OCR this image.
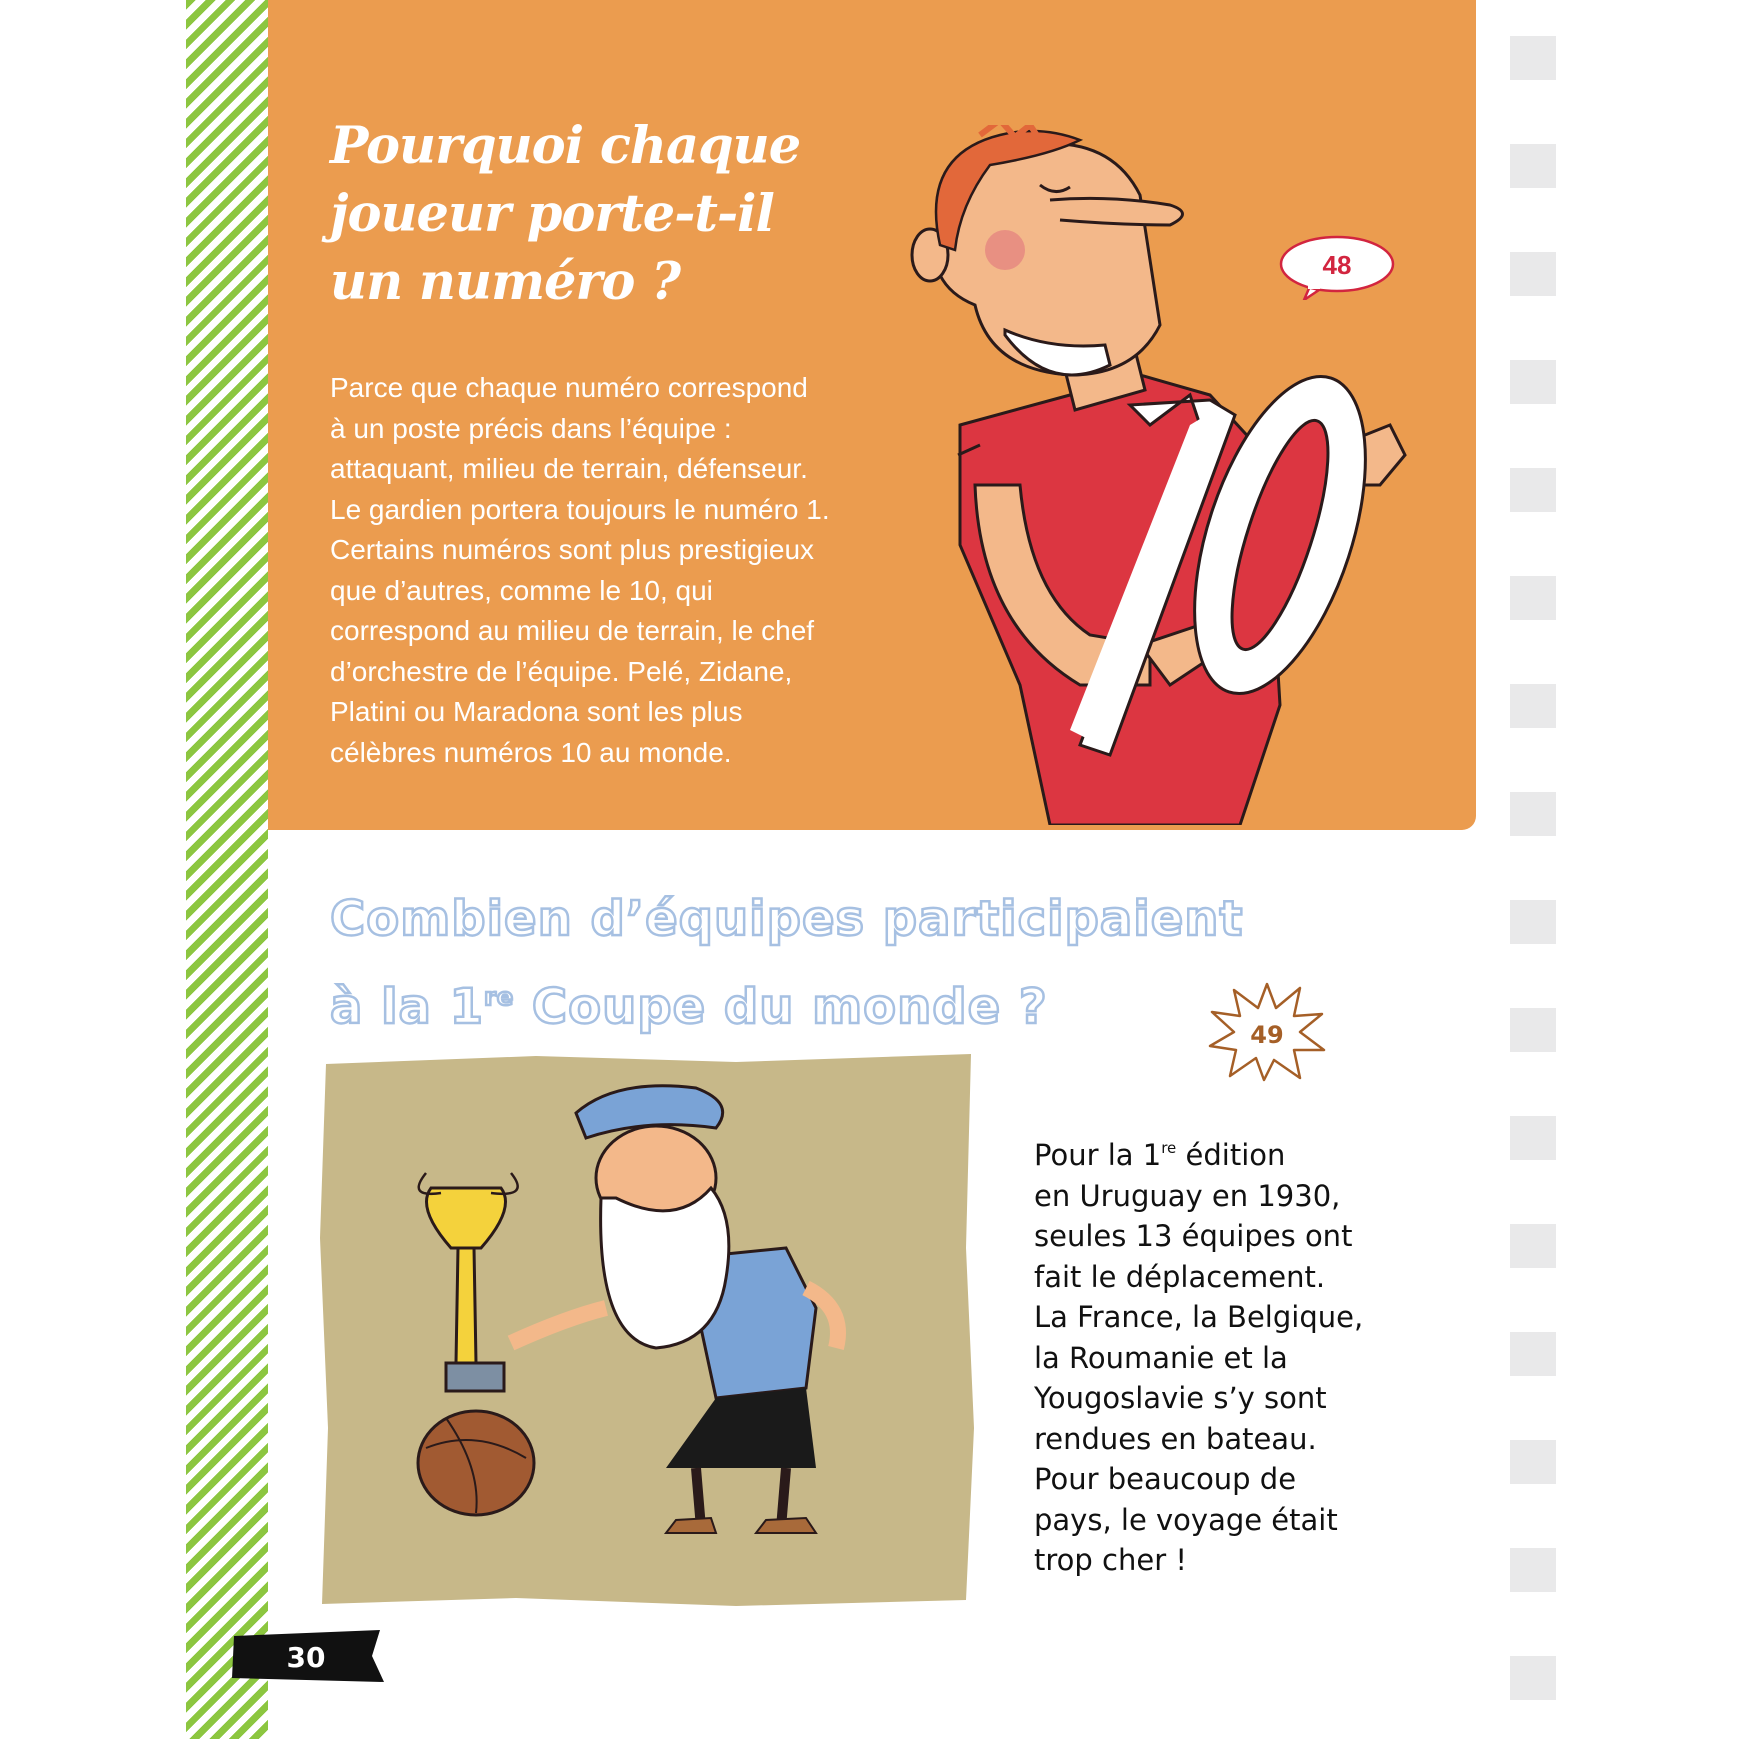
Pourquoi chaque
joueur porte-t-il
un numéro ?

Parce que chaque numéro correspond
à un poste précis dans l’équipe :
attaquant, milieu de terrain, défenseur.
Le gardien portera toujours le numéro 1.
Certains numéros sont plus prestigieux
que d’autres, comme le 10, qui
correspond au milieu de terrain, le chef
d’orchestre de l’équipe. Pelé, Zidane,
Platini ou Maradona sont les plus
célèbres numéros 10 au monde.

48
Combien d’équipes participaient
à la 1re Coupe du monde ?	49

Pour la 1re édition
en Uruguay en 1930,
seules 13 équipes ont
fait le déplacement.
La France, la Belgique,
la Roumanie et la
Yougoslavie s’y sont
rendues en bateau.
Pour beaucoup de
pays, le voyage était
trop cher !

30
